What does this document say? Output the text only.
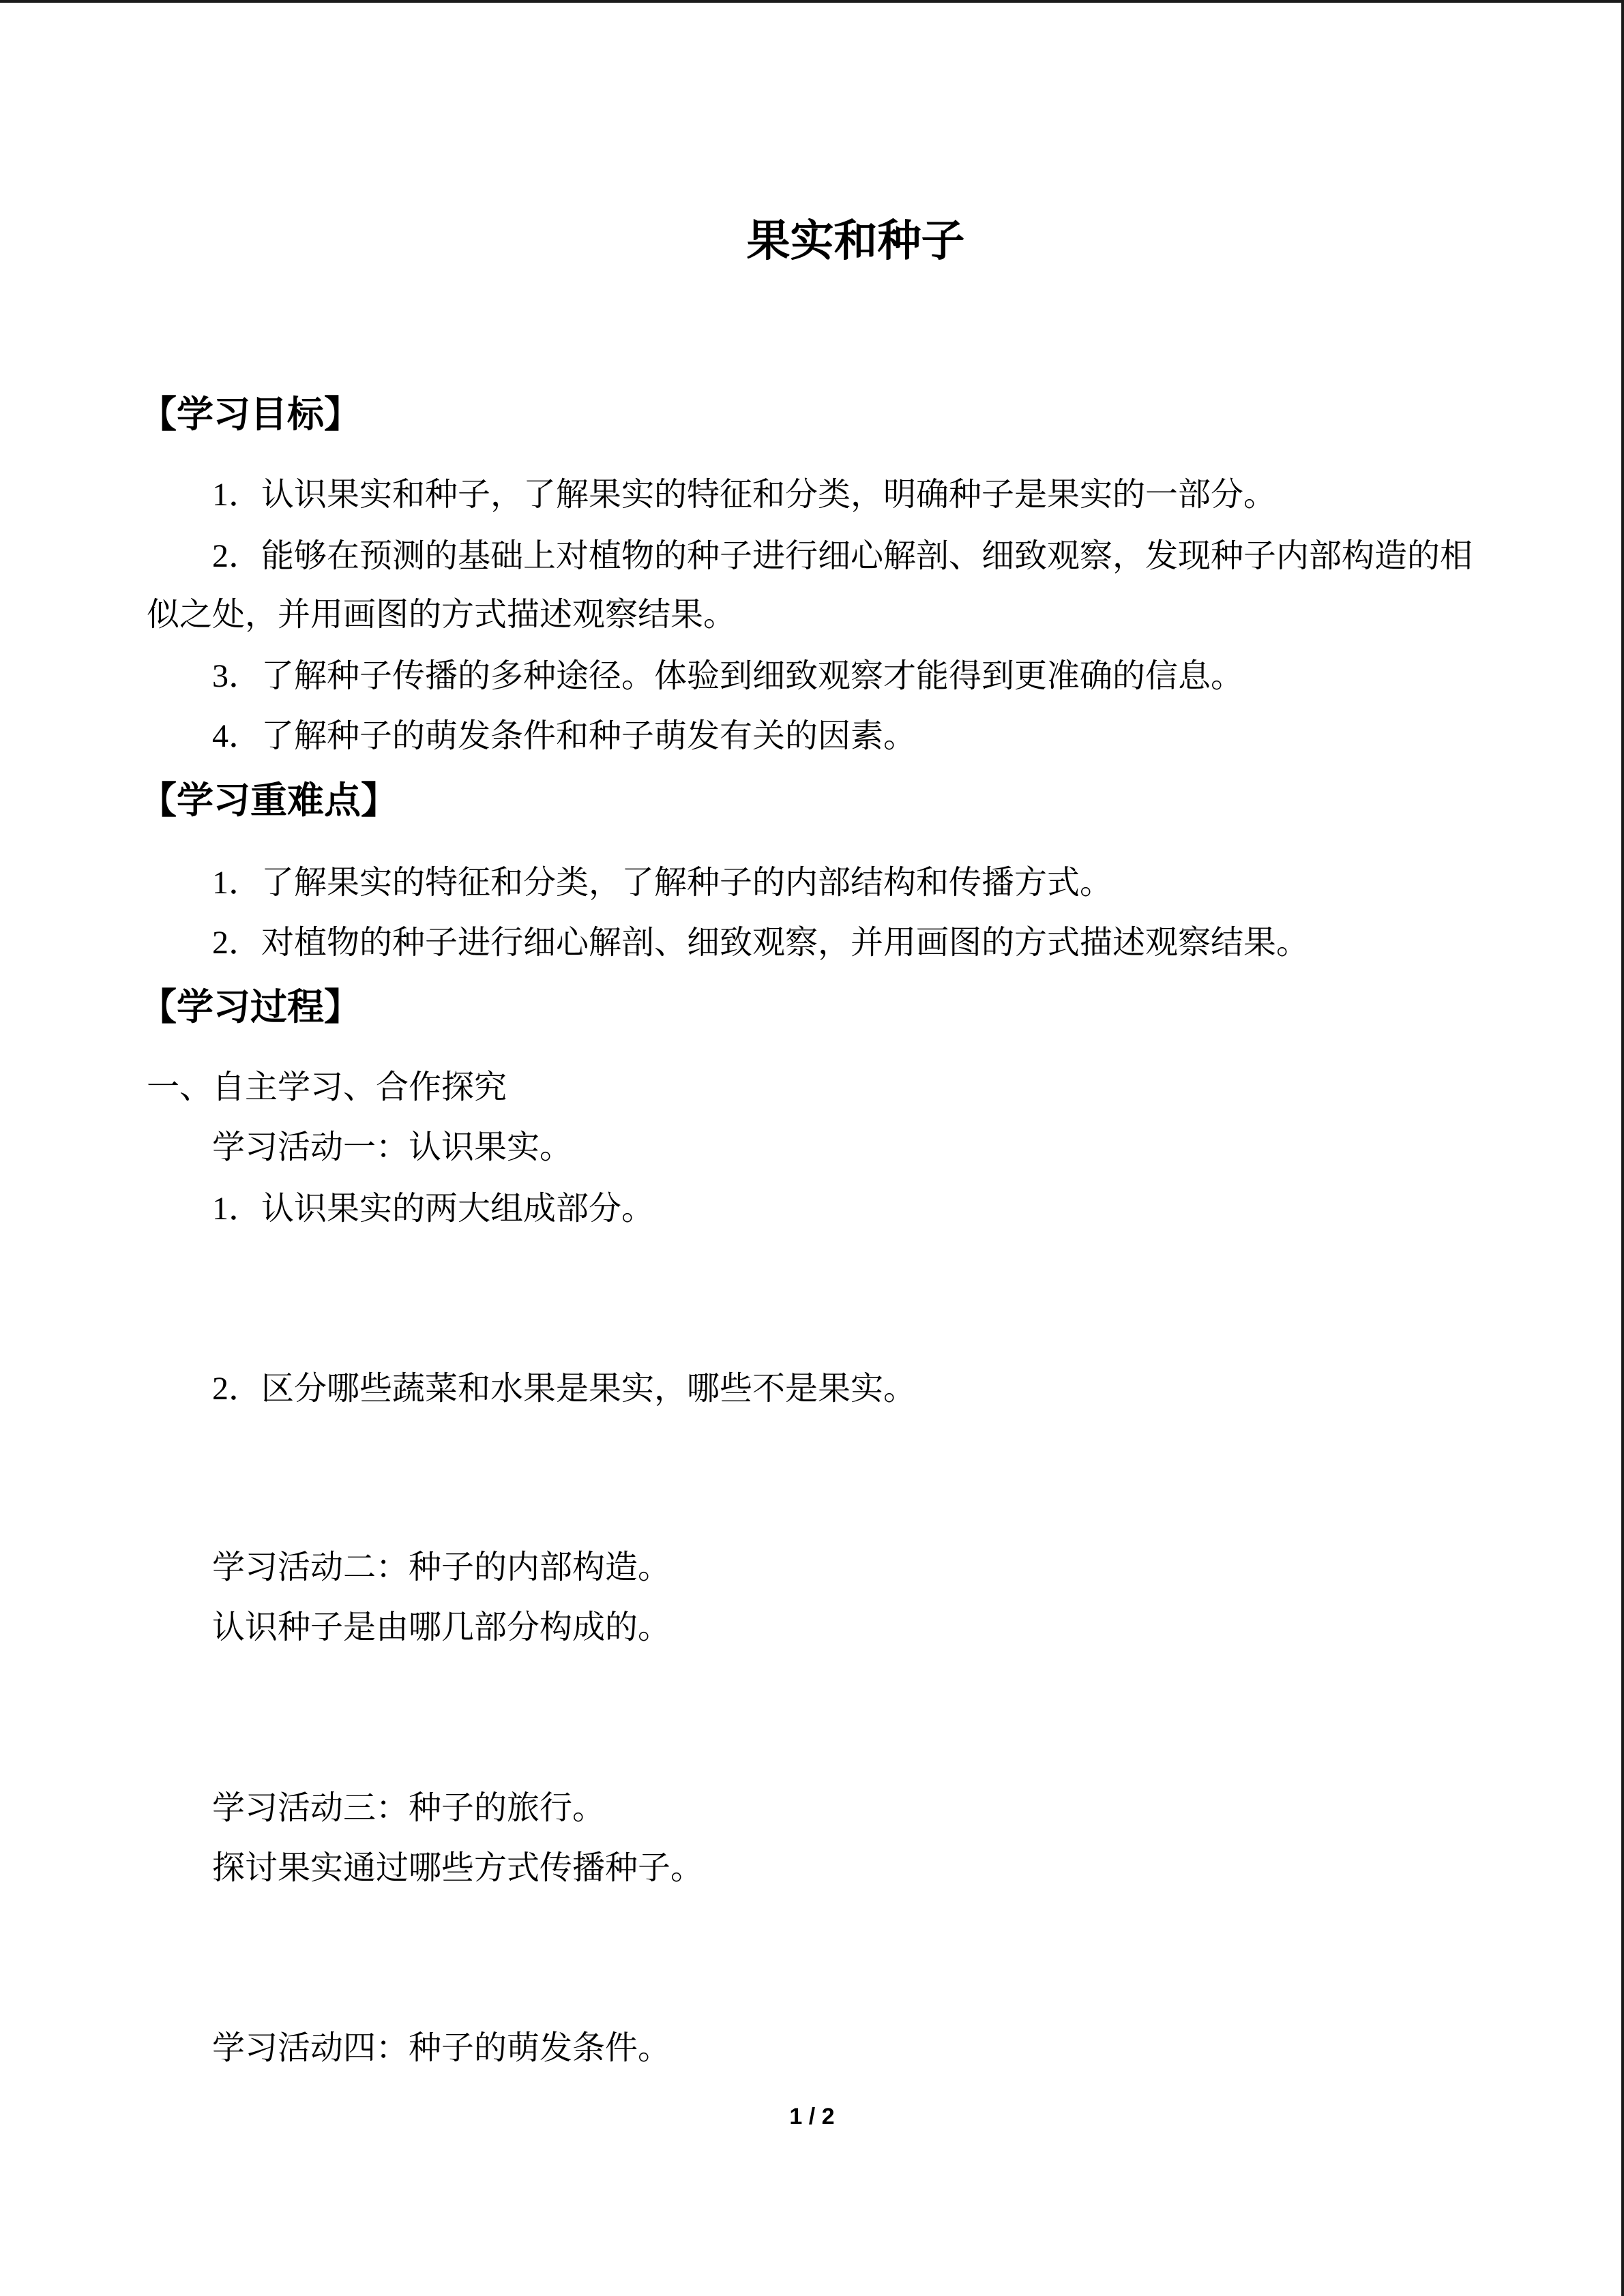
果实和种子
【学习目标】
1．认识果实和种子，了解果实的特征和分类，明确种子是果实的一部分。
2．能够在预测的基础上对植物的种子进行细心解剖、细致观察，发现种子内部构造的相
似之处，并用画图的方式描述观察结果。
3．了解种子传播的多种途径。体验到细致观察才能得到更准确的信息。
4．了解种子的萌发条件和种子萌发有关的因素。
【学习重难点】
1．了解果实的特征和分类，了解种子的内部结构和传播方式。
2．对植物的种子进行细心解剖、细致观察，并用画图的方式描述观察结果。
【学习过程】
一、自主学习、合作探究
学习活动一：认识果实。
1．认识果实的两大组成部分。
2．区分哪些蔬菜和水果是果实，哪些不是果实。
学习活动二：种子的内部构造。
认识种子是由哪几部分构成的。
学习活动三：种子的旅行。
探讨果实通过哪些方式传播种子。
学习活动四：种子的萌发条件。
1 / 2
